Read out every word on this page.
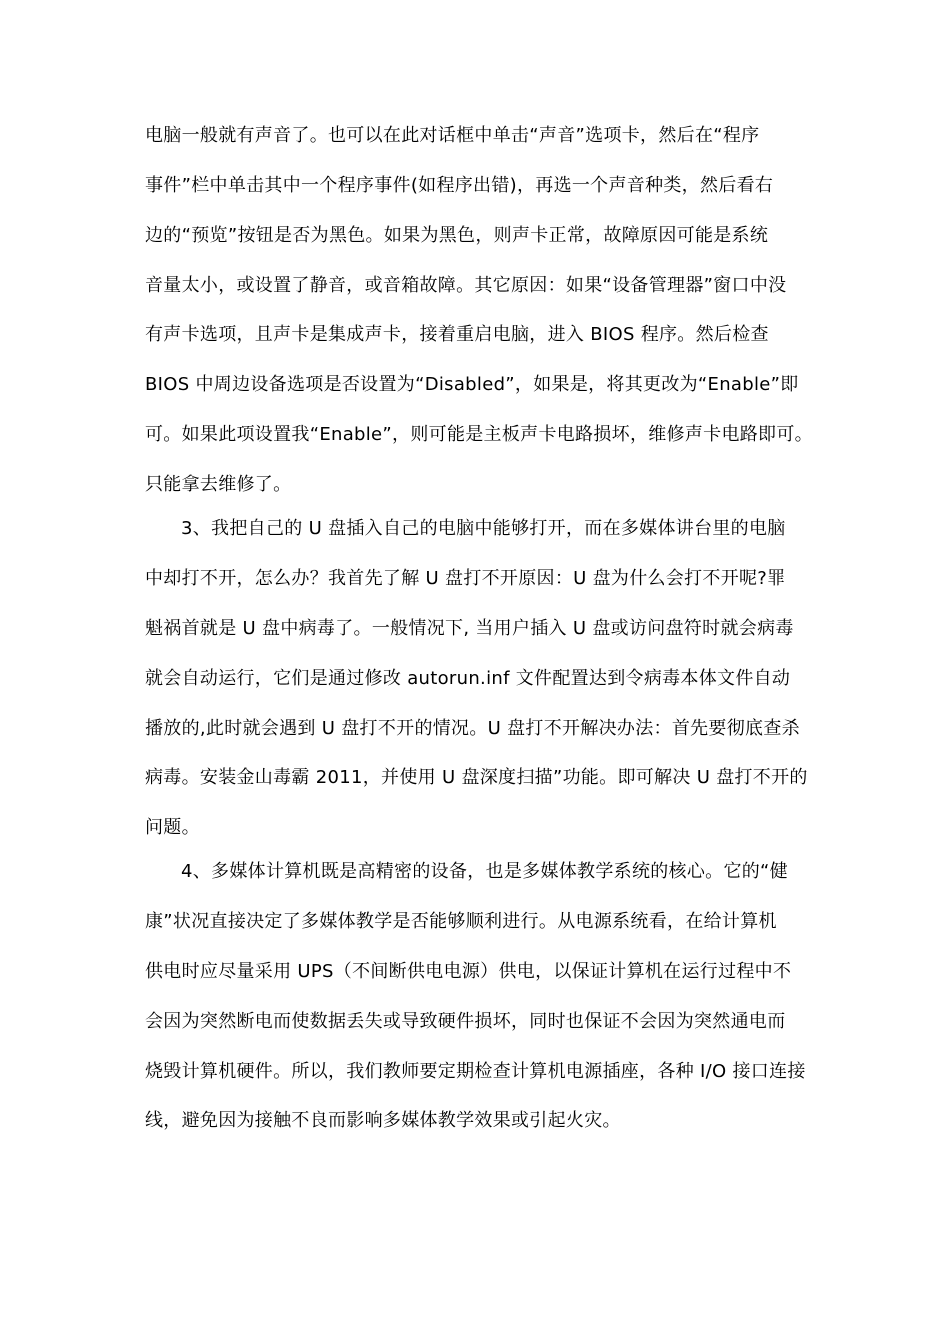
电脑一般就有声音了。也可以在此对话框中单击“声音”选项卡，然后在“程序
事件”栏中单击其中一个程序事件(如程序出错)，再选一个声音种类，然后看右
边的“预览”按钮是否为黑色。如果为黑色，则声卡正常，故障原因可能是系统
音量太小，或设置了静音，或音箱故障。其它原因：如果“设备管理器”窗口中没
有声卡选项，且声卡是集成声卡，接着重启电脑，进入 BIOS 程序。然后检查
BIOS 中周边设备选项是否设置为“Disabled”，如果是，将其更改为“Enable”即
可。如果此项设置我“Enable”，则可能是主板声卡电路损坏，维修声卡电路即可。
只能拿去维修了。
3、我把自己的 U 盘插入自己的电脑中能够打开，而在多媒体讲台里的电脑
中却打不开，怎么办？我首先了解 U 盘打不开原因：U 盘为什么会打不开呢?罪
魁祸首就是 U 盘中病毒了。一般情况下, 当用户插入 U 盘或访问盘符时就会病毒
就会自动运行，它们是通过修改 autorun.inf 文件配置达到令病毒本体文件自动
播放的,此时就会遇到 U 盘打不开的情况。U 盘打不开解决办法：首先要彻底查杀
病毒。安装金山毒霸 2011，并使用 U 盘深度扫描”功能。即可解决 U 盘打不开的
问题。
4、多媒体计算机既是高精密的设备，也是多媒体教学系统的核心。它的“健
康”状况直接决定了多媒体教学是否能够顺利进行。从电源系统看，在给计算机
供电时应尽量采用 UPS（不间断供电电源）供电，以保证计算机在运行过程中不
会因为突然断电而使数据丢失或导致硬件损坏，同时也保证不会因为突然通电而
烧毁计算机硬件。所以，我们教师要定期检查计算机电源插座，各种 I/O 接口连接
线，避免因为接触不良而影响多媒体教学效果或引起火灾。
